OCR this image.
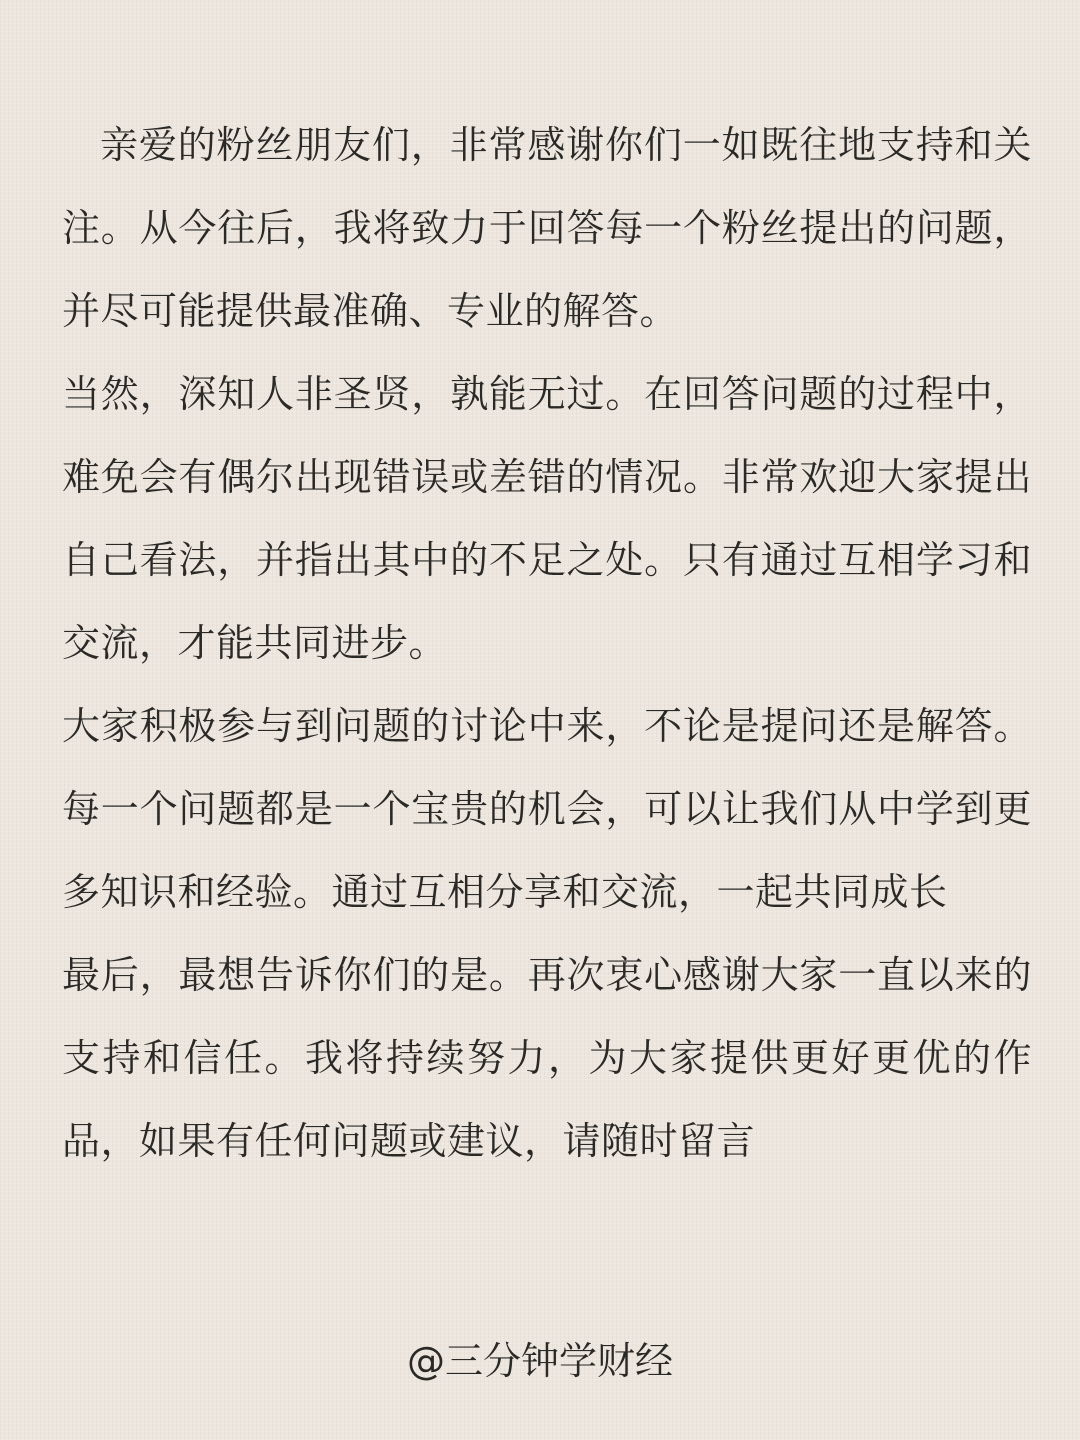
亲爱的粉丝朋友们，非常感谢你们一如既往地支持和关注。从今往后，我将致力于回答每一个粉丝提出的问题，并尽可能提供最准确、专业的解答。

当然，深知人非圣贤，孰能无过。在回答问题的过程中，难免会有偶尔出现错误或差错的情况。非常欢迎大家提出自己看法，并指出其中的不足之处。只有通过互相学习和交流，才能共同进步。

大家积极参与到问题的讨论中来，不论是提问还是解答。每一个问题都是一个宝贵的机会，可以让我们从中学到更多知识和经验。通过互相分享和交流，一起共同成长

最后，最想告诉你们的是。再次衷心感谢大家一直以来的支持和信任。我将持续努力，为大家提供更好更优的作品，如果有任何问题或建议，请随时留言

@三分钟学财经
